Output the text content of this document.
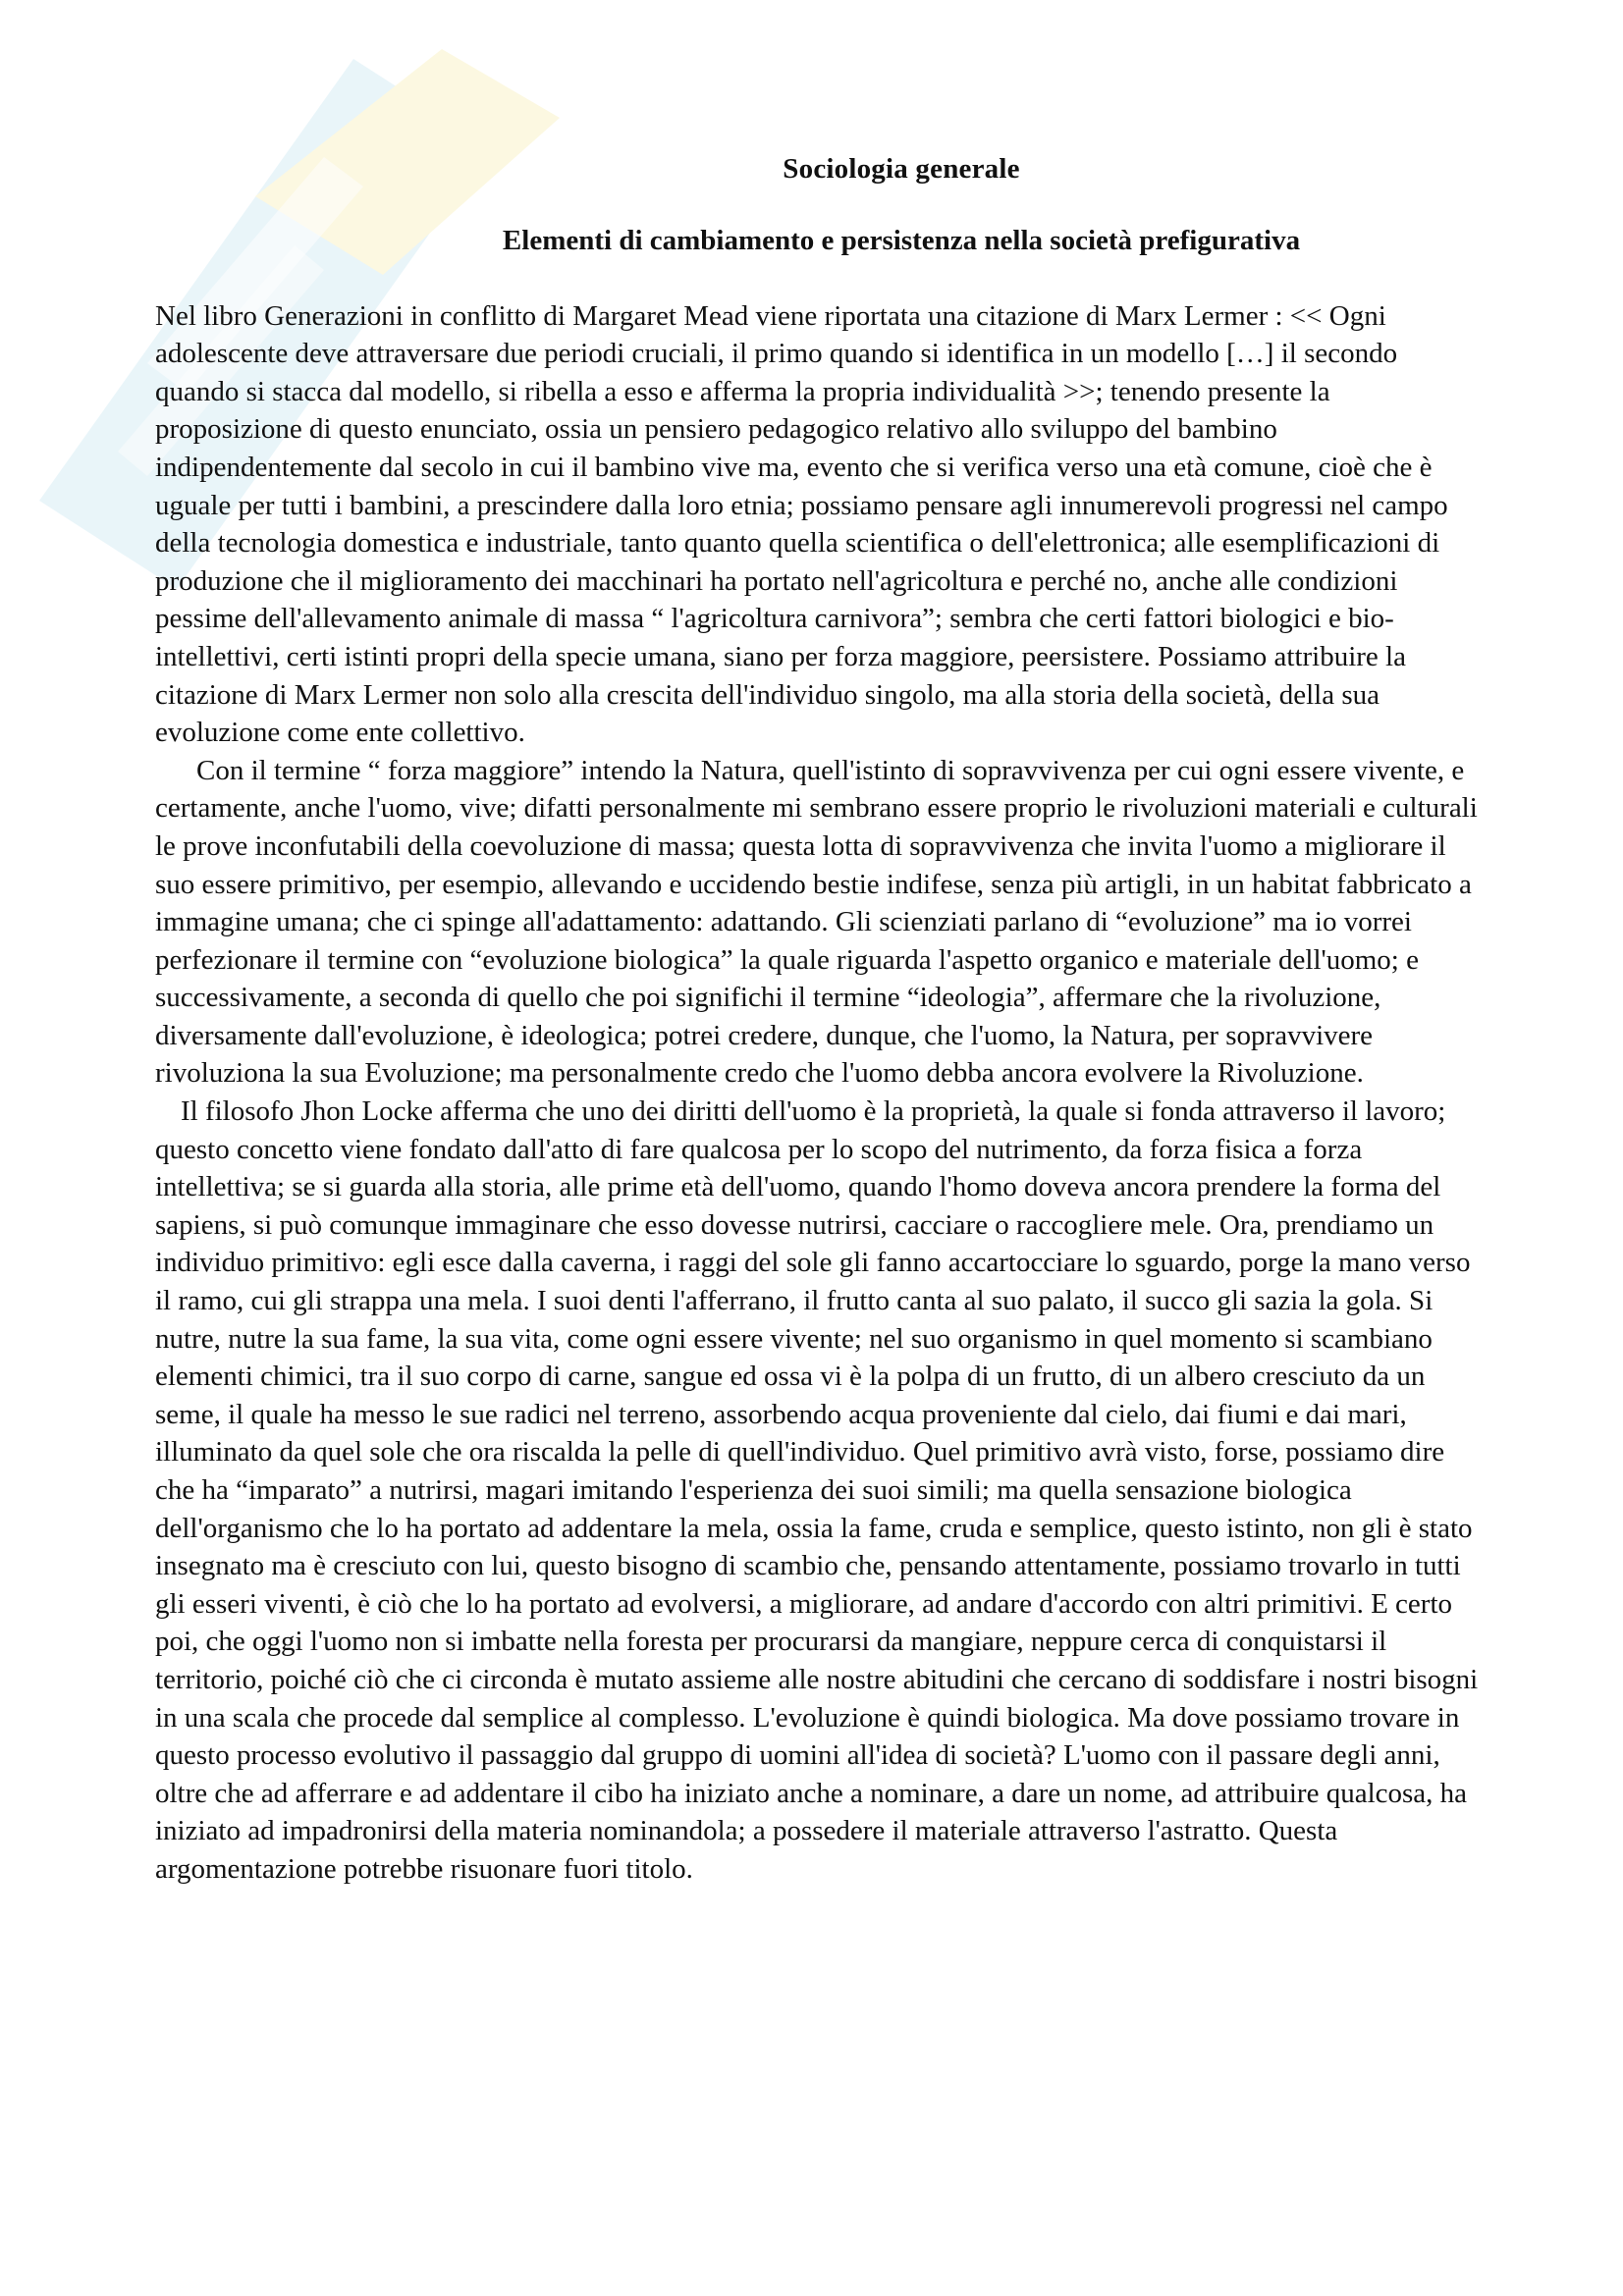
Sociologia generale
Elementi di cambiamento e persistenza nella società prefigurativa

Nel libro Generazioni in conflitto di Margaret Mead viene riportata una citazione di Marx Lermer : << Ogni adolescente deve attraversare due periodi cruciali, il primo quando si identifica in un modello […] il secondo quando si stacca dal modello, si ribella a esso e afferma la propria individualità >>; tenendo presente la proposizione di questo enunciato, ossia un pensiero pedagogico relativo allo sviluppo del bambino indipendentemente dal secolo in cui il bambino vive ma, evento che si verifica verso una età comune, cioè che è uguale per tutti i bambini, a prescindere dalla loro etnia; possiamo pensare agli innumerevoli progressi nel campo della tecnologia domestica e industriale, tanto quanto quella scientifica o dell'elettronica; alle esemplificazioni di produzione che il miglioramento dei macchinari ha portato nell'agricoltura e perché no, anche alle condizioni pessime dell'allevamento animale di massa “ l'agricoltura carnivora”; sembra che certi fattori biologici e bio-intellettivi, certi istinti propri della specie umana, siano per forza maggiore, peersistere. Possiamo attribuire la citazione di Marx Lermer non solo alla crescita dell'individuo singolo, ma alla storia della società, della sua evoluzione come ente collettivo.

Con il termine “ forza maggiore” intendo la Natura, quell'istinto di sopravvivenza per cui ogni essere vivente, e certamente, anche l'uomo, vive; difatti personalmente mi sembrano essere proprio le rivoluzioni materiali e culturali le prove inconfutabili della coevoluzione di massa; questa lotta di sopravvivenza che invita l'uomo a migliorare il suo essere primitivo, per esempio, allevando e uccidendo bestie indifese, senza più artigli, in un habitat fabbricato a immagine umana; che ci spinge all'adattamento: adattando. Gli scienziati parlano di “evoluzione” ma io vorrei perfezionare il termine con “evoluzione biologica” la quale riguarda l'aspetto organico e materiale dell'uomo; e successivamente, a seconda di quello che poi significhi il termine “ideologia”, affermare che la rivoluzione, diversamente dall'evoluzione, è ideologica; potrei credere, dunque, che l'uomo, la Natura, per sopravvivere rivoluziona la sua Evoluzione; ma personalmente credo che l'uomo debba ancora evolvere la Rivoluzione.

Il filosofo Jhon Locke afferma che uno dei diritti dell'uomo è la proprietà, la quale si fonda attraverso il lavoro; questo concetto viene fondato dall'atto di fare qualcosa per lo scopo del nutrimento, da forza fisica a forza intellettiva; se si guarda alla storia, alle prime età dell'uomo, quando l'homo doveva ancora prendere la forma del sapiens, si può comunque immaginare che esso dovesse nutrirsi, cacciare o raccogliere mele. Ora, prendiamo un individuo primitivo: egli esce dalla caverna, i raggi del sole gli fanno accartocciare lo sguardo, porge la mano verso il ramo, cui gli strappa una mela. I suoi denti l'afferrano, il frutto canta al suo palato, il succo gli sazia la gola. Si nutre, nutre la sua fame, la sua vita, come ogni essere vivente; nel suo organismo in quel momento si scambiano elementi chimici, tra il suo corpo di carne, sangue ed ossa vi è la polpa di un frutto, di un albero cresciuto da un seme, il quale ha messo le sue radici nel terreno, assorbendo acqua proveniente dal cielo, dai fiumi e dai mari, illuminato da quel sole che ora riscalda la pelle di quell'individuo. Quel primitivo avrà visto, forse, possiamo dire che ha “imparato” a nutrirsi, magari imitando l'esperienza dei suoi simili; ma quella sensazione biologica dell'organismo che lo ha portato ad addentare la mela, ossia la fame, cruda e semplice, questo istinto, non gli è stato insegnato ma è cresciuto con lui, questo bisogno di scambio che, pensando attentamente, possiamo trovarlo in tutti gli esseri viventi, è ciò che lo ha portato ad evolversi, a migliorare, ad andare d'accordo con altri primitivi. E certo poi, che oggi l'uomo non si imbatte nella foresta per procurarsi da mangiare, neppure cerca di conquistarsi il territorio, poiché ciò che ci circonda è mutato assieme alle nostre abitudini che cercano di soddisfare i nostri bisogni in una scala che procede dal semplice al complesso. L'evoluzione è quindi biologica. Ma dove possiamo trovare in questo processo evolutivo il passaggio dal gruppo di uomini all'idea di società? L'uomo con il passare degli anni, oltre che ad afferrare e ad addentare il cibo ha iniziato anche a nominare, a dare un nome, ad attribuire qualcosa, ha iniziato ad impadronirsi della materia nominandola; a possedere il materiale attraverso l'astratto. Questa argomentazione potrebbe risuonare fuori titolo.
